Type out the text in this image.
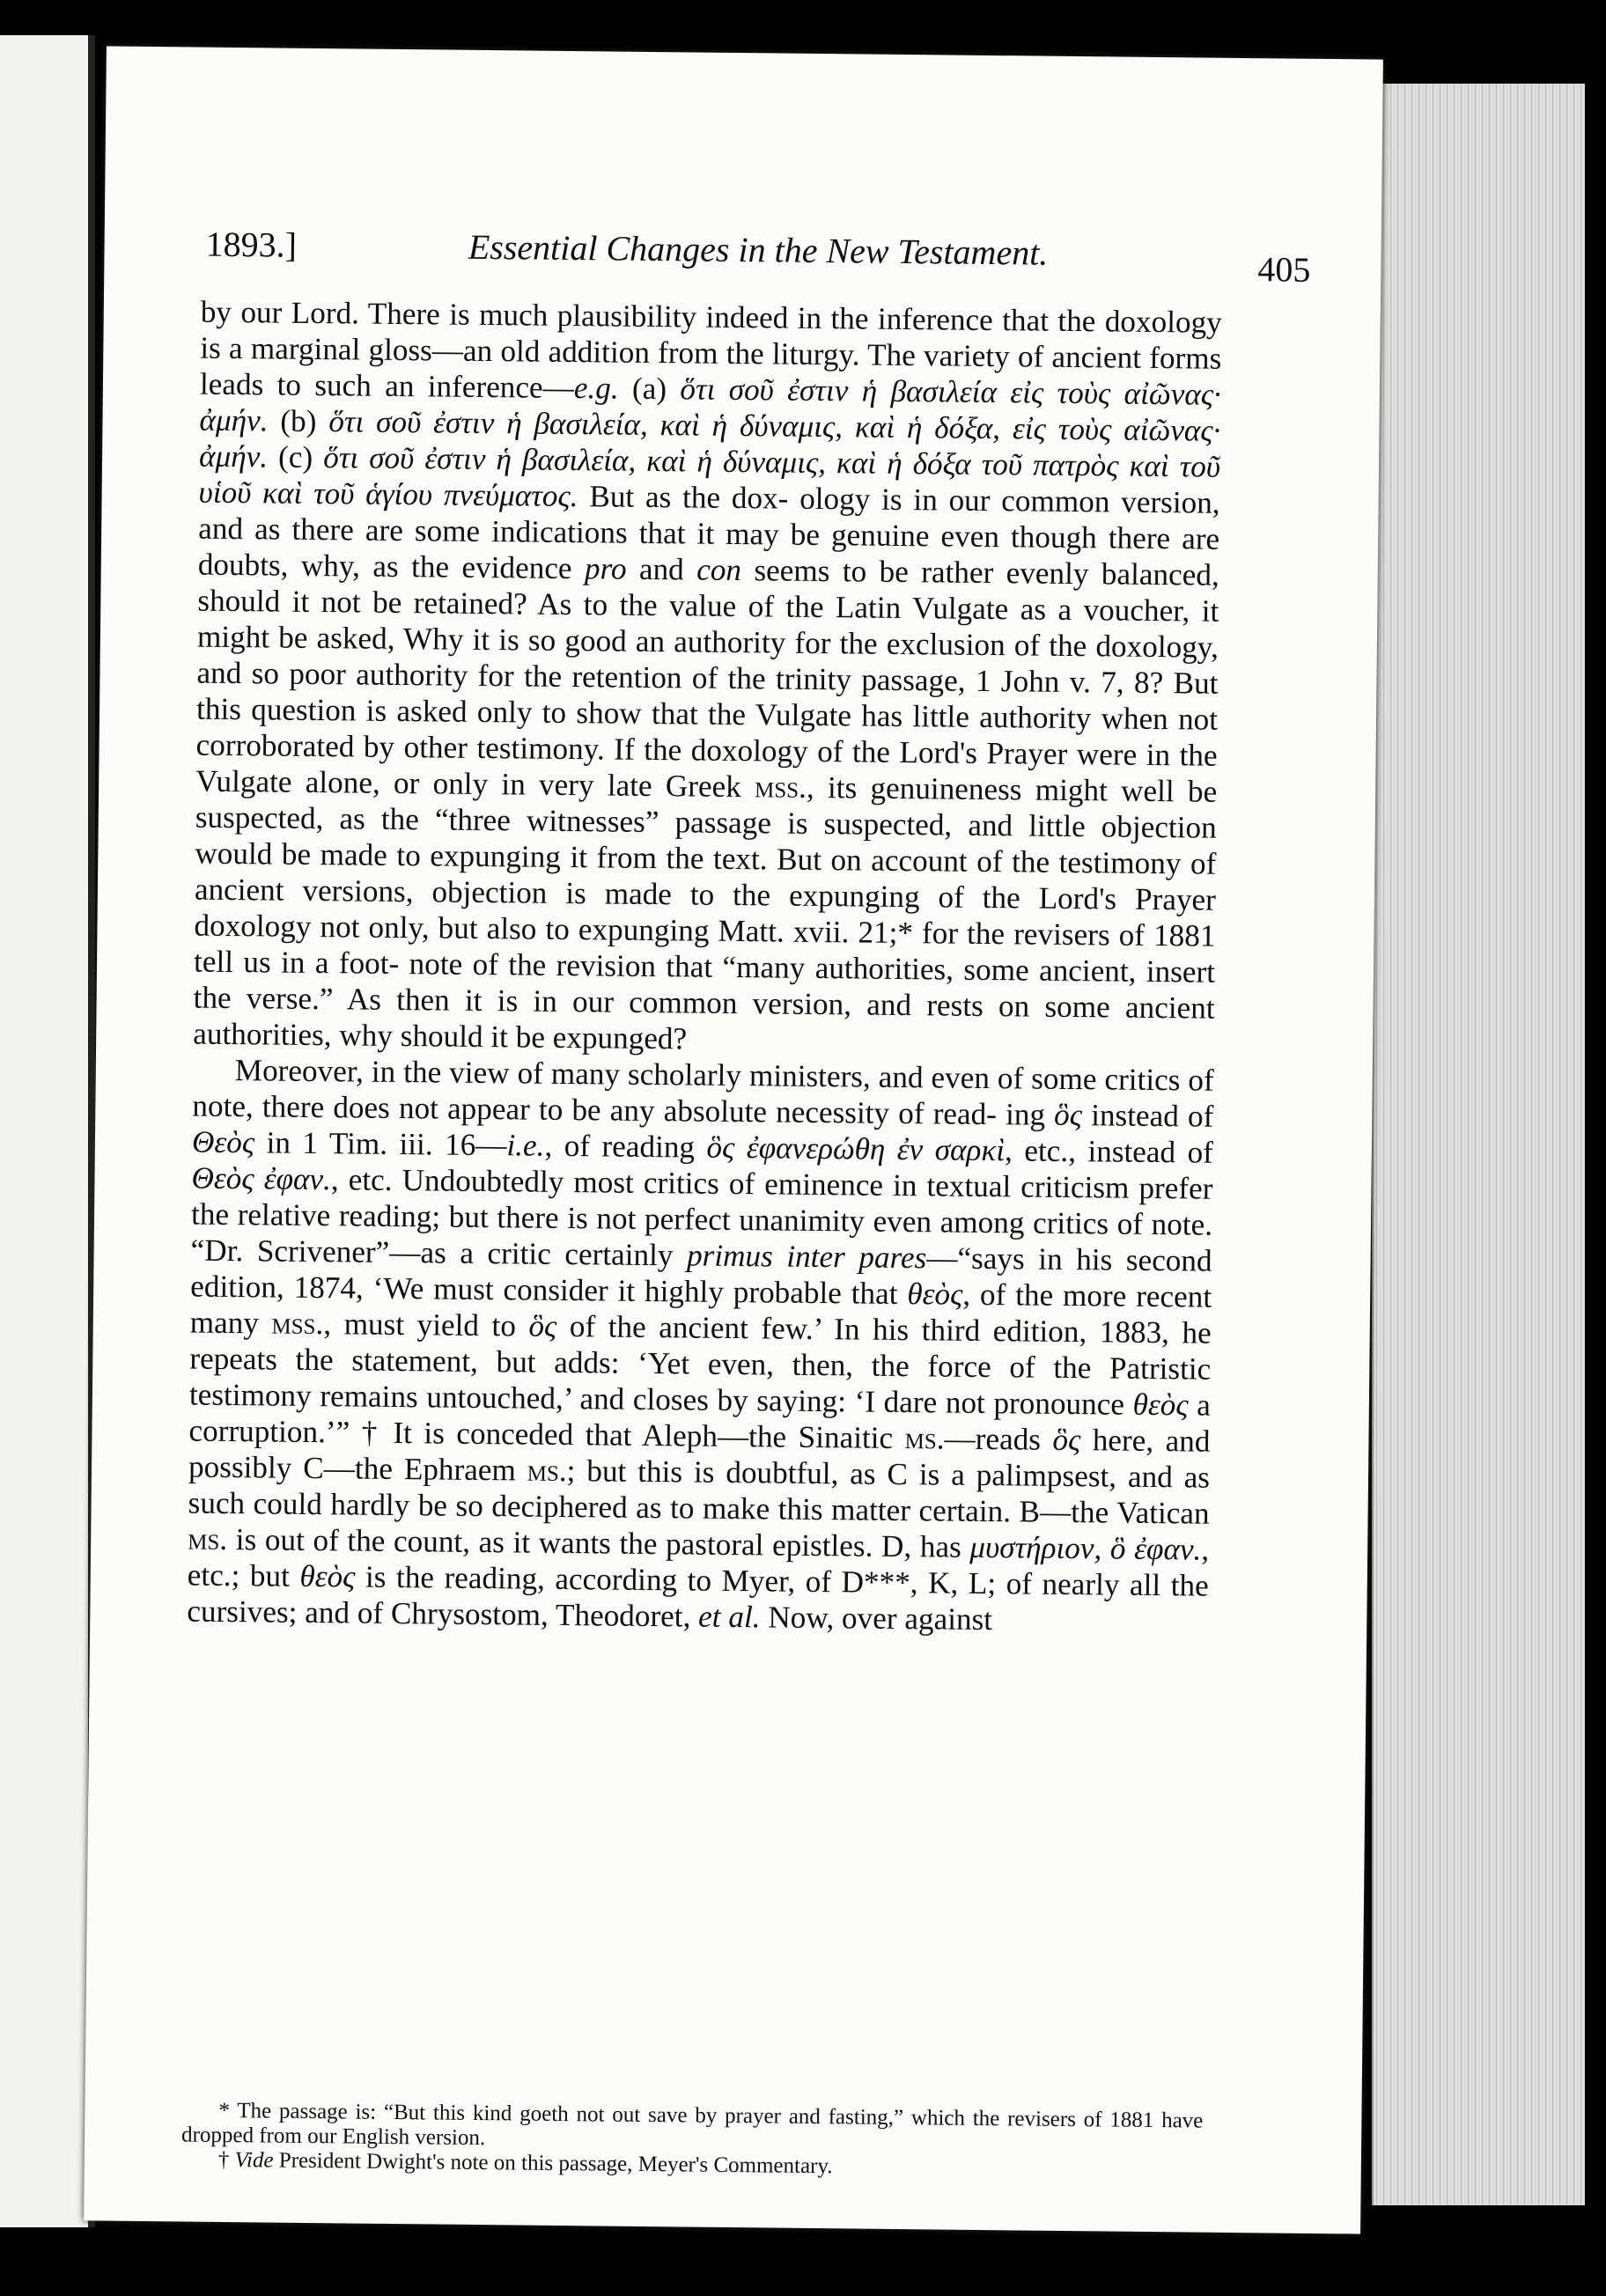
1893.]	Essential Changes in the New Testament.	405

by our Lord. There is much plausibility indeed in the inference that the doxology is a marginal gloss—an old addition from the liturgy. The variety of ancient forms leads to such an inference—e.g. (a) ὅτι σοῦ ἐστιν ἡ βασιλεία εἰς τοὺς αἰῶνας· ἀμήν. (b) ὅτι σοῦ ἐστιν ἡ βασιλεία, καὶ ἡ δύναμις, καὶ ἡ δόξα, εἰς τοὺς αἰῶνας· ἀμήν. (c) ὅτι σοῦ ἐστιν ἡ βασιλεία, καὶ ἡ δύναμις, καὶ ἡ δόξα τοῦ πατρὸς καὶ τοῦ υἱοῦ καὶ τοῦ ἁγίου πνεύματος. But as the dox- ology is in our common version, and as there are some indications that it may be genuine even though there are doubts, why, as the evidence pro and con seems to be rather evenly balanced, should it not be retained? As to the value of the Latin Vulgate as a voucher, it might be asked, Why it is so good an authority for the exclusion of the doxology, and so poor authority for the retention of the trinity passage, 1 John v. 7, 8? But this question is asked only to show that the Vulgate has little authority when not corroborated by other testimony. If the doxology of the Lord's Prayer were in the Vulgate alone, or only in very late Greek mss., its genuineness might well be suspected, as the “three witnesses” passage is suspected, and little objection would be made to expunging it from the text. But on account of the testimony of ancient versions, objection is made to the expunging of the Lord's Prayer doxology not only, but also to expunging Matt. xvii. 21;* for the revisers of 1881 tell us in a foot- note of the revision that “many authorities, some ancient, insert the verse.” As then it is in our common version, and rests on some ancient authorities, why should it be expunged?

Moreover, in the view of many scholarly ministers, and even of some critics of note, there does not appear to be any absolute necessity of read- ing ὃς instead of Θεὸς in 1 Tim. iii. 16—i.e., of reading ὃς ἐφανερώθη ἐν σαρκὶ, etc., instead of Θεὸς ἐφαν., etc. Undoubtedly most critics of eminence in textual criticism prefer the relative reading; but there is not perfect unanimity even among critics of note. “Dr. Scrivener”—as a critic certainly primus inter pares—“says in his second edition, 1874, ‘We must consider it highly probable that θεὸς, of the more recent many mss., must yield to ὃς of the ancient few.’ In his third edition, 1883, he repeats the statement, but adds: ‘Yet even, then, the force of the Patristic testimony remains untouched,’ and closes by saying: ‘I dare not pronounce θεὸς a corruption.’” † It is conceded that Aleph—the Sinaitic ms.—reads ὃς here, and possibly C—the Ephraem ms.; but this is doubtful, as C is a palimpsest, and as such could hardly be so deciphered as to make this matter certain. B—the Vatican ms. is out of the count, as it wants the pastoral epistles. D, has μυστήριον, ὃ ἐφαν., etc.; but θεὸς is the reading, according to Myer, of D***, K, L; of nearly all the cursives; and of Chrysostom, Theodoret, et al. Now, over against

* The passage is: “But this kind goeth not out save by prayer and fasting,” which the revisers of 1881 have dropped from our English version.

† Vide President Dwight's note on this passage, Meyer's Commentary.
